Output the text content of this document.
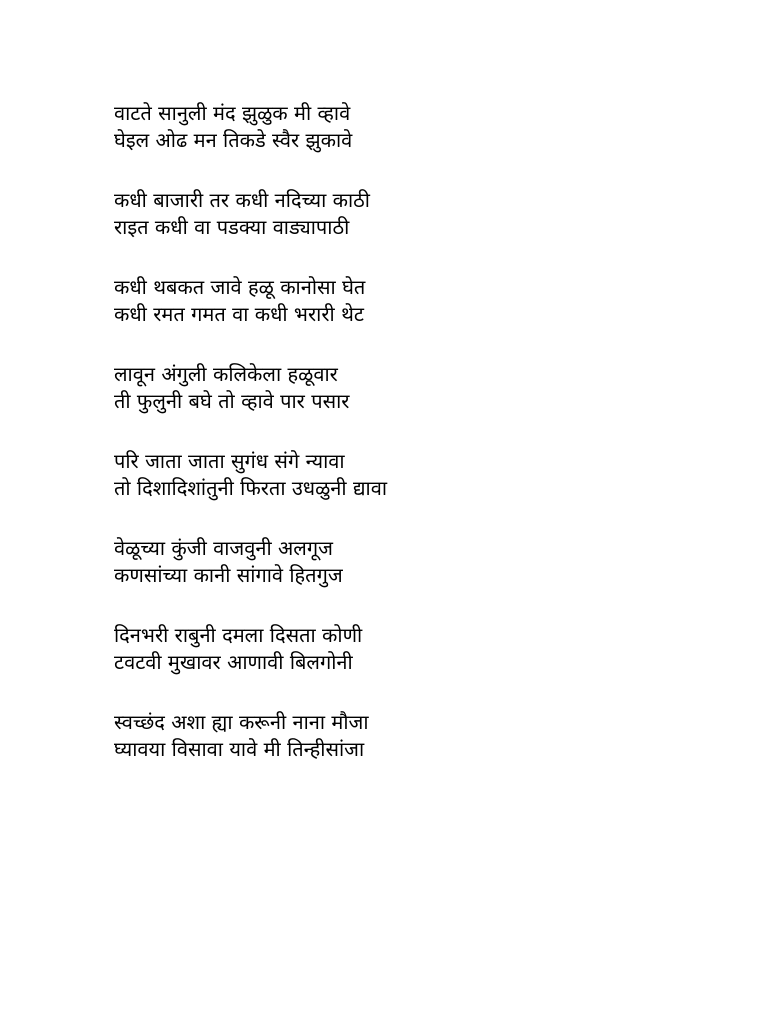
वाटते सानुली मंद झुळुक मी व्हावे
घेइल ओढ मन तिकडे स्वैर झुकावे
कधी बाजारी तर कधी नदिच्या काठी
राइत कधी वा पडक्या वाड्यापाठी
कधी थबकत जावे हळू कानोसा घेत
कधी रमत गमत वा कधी भरारी थेट
लावून अंगुली कलिकेला हळूवार
ती फुलुनी बघे तो व्हावे पार पसार
परि जाता जाता सुगंध संगे न्यावा
तो दिशादिशांतुनी फिरता उधळुनी द्यावा
वेळूच्या कुंजी वाजवुनी अलगूज
कणसांच्या कानी सांगावे हितगुज
दिनभरी राबुनी दमला दिसता कोणी
टवटवी मुखावर आणावी बिलगोनी
स्वच्छंद अशा ह्या करूनी नाना मौजा
घ्यावया विसावा यावे मी तिन्हीसांजा
